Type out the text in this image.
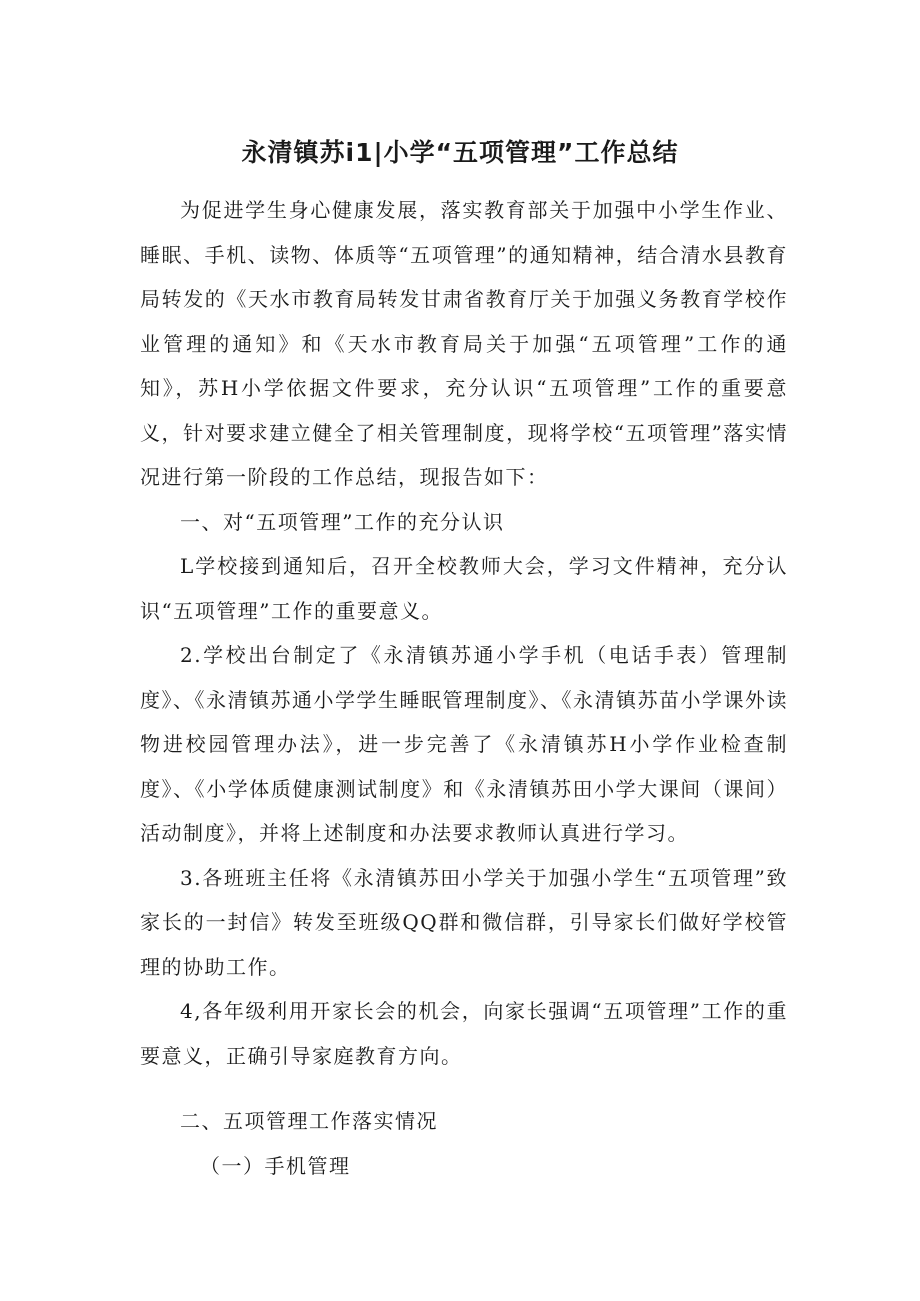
永清镇苏i1|小学“五项管理”工作总结

为促进学生身心健康发展，落实教育部关于加强中小学生作业、睡眠、手机、读物、体质等“五项管理”的通知精神，结合清水县教育局转发的《天水市教育局转发甘肃省教育厅关于加强义务教育学校作业管理的通知》和《天水市教育局关于加强“五项管理”工作的通知》，苏H小学依据文件要求，充分认识“五项管理”工作的重要意义，针对要求建立健全了相关管理制度，现将学校“五项管理”落实情况进行第一阶段的工作总结，现报告如下：

一、对“五项管理”工作的充分认识

L学校接到通知后，召开全校教师大会，学习文件精神，充分认识“五项管理”工作的重要意义。

2.学校出台制定了《永清镇苏通小学手机（电话手表）管理制度》、《永清镇苏通小学学生睡眠管理制度》、《永清镇苏苗小学课外读物进校园管理办法》，进一步完善了《永清镇苏H小学作业检查制度》、《小学体质健康测试制度》和《永清镇苏田小学大课间（课间）活动制度》，并将上述制度和办法要求教师认真进行学习。

3.各班班主任将《永清镇苏田小学关于加强小学生“五项管理”致家长的一封信》转发至班级QQ群和微信群，引导家长们做好学校管理的协助工作。

4,各年级利用开家长会的机会，向家长强调“五项管理”工作的重要意义，正确引导家庭教育方向。

二、五项管理工作落实情况

（一）手机管理
